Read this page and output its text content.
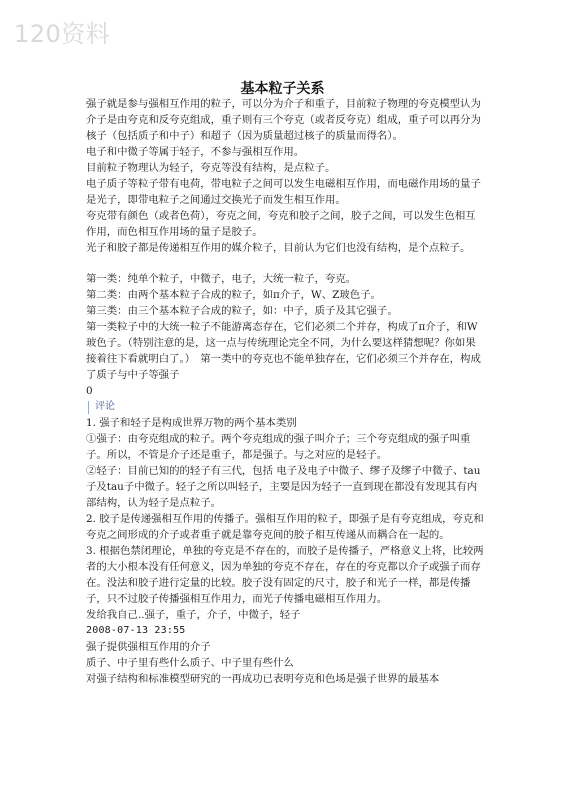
120资料
基本粒子关系

强子就是参与强相互作用的粒子，可以分为介子和重子，目前粒子物理的夸克模型认为介子是由夸克和反夸克组成，重子则有三个夸克（或者反夸克）组成，重子可以再分为核子（包括质子和中子）和超子（因为质量超过核子的质量而得名）。

电子和中微子等属于轻子，不参与强相互作用。

目前粒子物理认为轻子，夸克等没有结构，是点粒子。

电子质子等粒子带有电荷，带电粒子之间可以发生电磁相互作用，而电磁作用场的量子是光子，即带电粒子之间通过交换光子而发生相互作用。

夸克带有颜色（或者色荷），夸克之间，夸克和胶子之间，胶子之间，可以发生色相互作用，而色相互作用场的量子是胶子。

光子和胶子都是传递相互作用的媒介粒子，目前认为它们也没有结构，是个点粒子。

第一类：纯单个粒子，中微子，电子，大统一粒子，夸克。

第二类：由两个基本粒子合成的粒子，如π介子，W、Z玻色子。

第三类：由三个基本粒子合成的粒子，如：中子，质子及其它强子。

第一类粒子中的大统一粒子不能游离态存在，它们必须二个并存，构成了π介子，和W玻色子。（特别注意的是，这一点与传统理论完全不同，为什么要这样猜想呢？你如果接着往下看就明白了。）　第一类中的夸克也不能单独存在，它们必须三个并存在，构成了质子与中子等强子

0

评论

1. 强子和轻子是构成世界万物的两个基本类别

①强子：由夸克组成的粒子。两个夸克组成的强子叫介子；三个夸克组成的强子叫重子。所以，不管是介子还是重子，都是强子。与之对应的是轻子。

②轻子：目前已知的的轻子有三代，包括 电子及电子中微子、缪子及缪子中微子、tau子及tau子中微子。轻子之所以叫轻子，主要是因为轻子一直到现在都没有发现其有内部结构，认为轻子是点粒子。

2. 胶子是传递强相互作用的传播子。强相互作用的粒子，即强子是有夸克组成，夸克和夸克之间形成的介子或者重子就是靠夸克间的胶子相互传递从而耦合在一起的。

3. 根据色禁闭理论，单独的夸克是不存在的，而胶子是传播子，严格意义上将，比较两者的大小根本没有任何意义，因为单独的夸克不存在，存在的夸克都以介子或强子而存在。没法和胶子进行定量的比较。胶子没有固定的尺寸，胶子和光子一样，都是传播子，只不过胶子传播强相互作用力，而光子传播电磁相互作用力。

发给我自己..强子，重子，介子，中微子，轻子

2008-07-13 23:55

强子提供强相互作用的介子

质子、中子里有些什么质子、中子里有些什么

对强子结构和标准模型研究的一再成功已表明夸克和色场是强子世界的最基本
